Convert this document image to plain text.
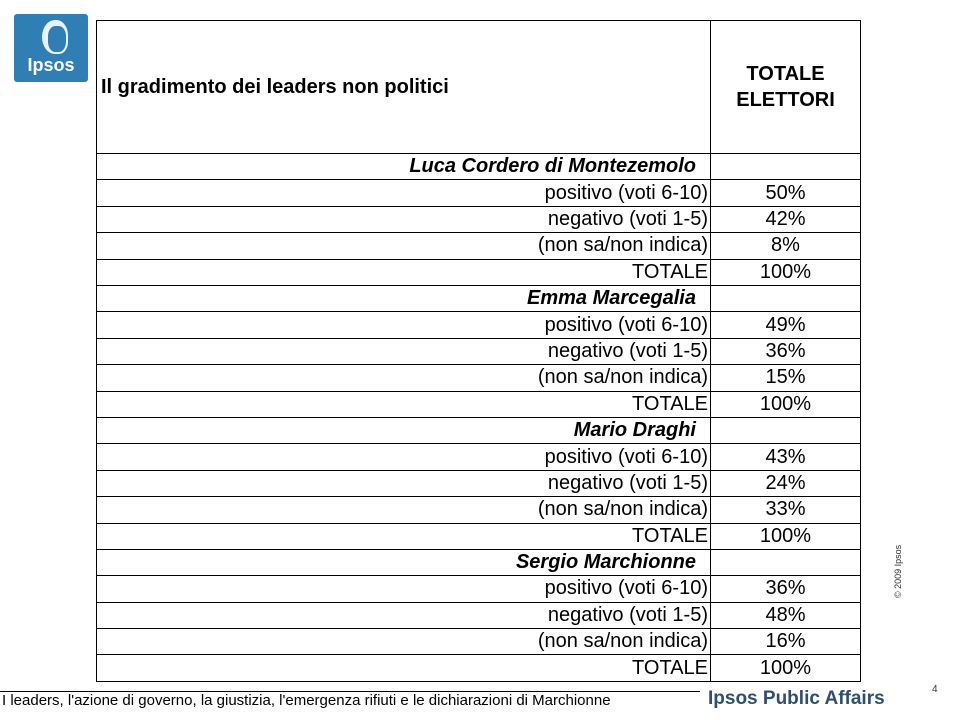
Ipsos
Il gradimento dei leaders non politici	TOTALE
ELETTORI

Luca Cordero di Montezemolo	
positivo (voti 6-10)	50%
negativo (voti 1-5)	42%
(non sa/non indica)	8%
TOTALE	100%
Emma Marcegalia	
positivo (voti 6-10)	49%
negativo (voti 1-5)	36%
(non sa/non indica)	15%
TOTALE	100%
Mario Draghi	
positivo (voti 6-10)	43%
negativo (voti 1-5)	24%
(non sa/non indica)	33%
TOTALE	100%
Sergio Marchionne	
positivo (voti 6-10)	36%
negativo (voti 1-5)	48%
(non sa/non indica)	16%
TOTALE	100%
I leaders, l'azione di governo, la giustizia, l'emergenza rifiuti e le dichiarazioni di Marchionne	Ipsos Public Affairs
© 2009 Ipsos
4
